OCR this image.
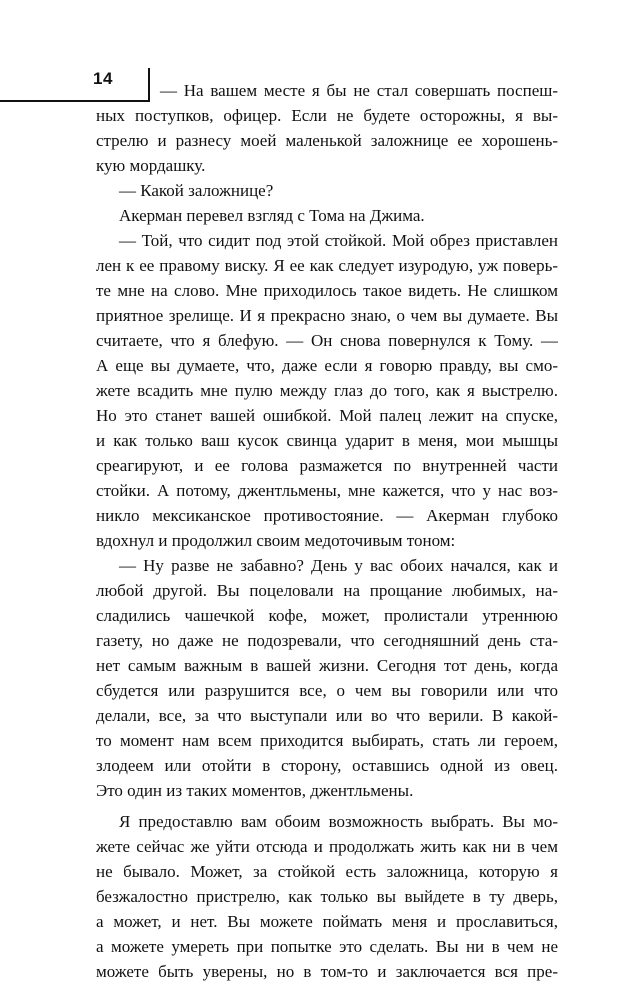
14
— На вашем месте я бы не стал совершать поспеш-
ных поступков, офицер. Если не будете осторожны, я вы-
стрелю и разнесу моей маленькой заложнице ее хорошень-
кую мордашку.
— Какой заложнице?
Акерман перевел взгляд с Тома на Джима.
— Той, что сидит под этой стойкой. Мой обрез приставлен
лен к ее правому виску. Я ее как следует изуродую, уж поверь-
те мне на слово. Мне приходилось такое видеть. Не слишком
приятное зрелище. И я прекрасно знаю, о чем вы думаете. Вы
считаете, что я блефую. — Он снова повернулся к Тому. —
А еще вы думаете, что, даже если я говорю правду, вы смо-
жете всадить мне пулю между глаз до того, как я выстрелю.
Но это станет вашей ошибкой. Мой палец лежит на спуске,
и как только ваш кусок свинца ударит в меня, мои мышцы
среагируют, и ее голова размажется по внутренней части
стойки. А потому, джентльмены, мне кажется, что у нас воз-
никло мексиканское противостояние. — Акерман глубоко
вдохнул и продолжил своим медоточивым тоном:
— Ну разве не забавно? День у вас обоих начался, как и
любой другой. Вы поцеловали на прощание любимых, на-
сладились чашечкой кофе, может, пролистали утреннюю
газету, но даже не подозревали, что сегодняшний день ста-
нет самым важным в вашей жизни. Сегодня тот день, когда
сбудется или разрушится все, о чем вы говорили или что
делали, все, за что выступали или во что верили. В какой-
то момент нам всем приходится выбирать, стать ли героем,
злодеем или отойти в сторону, оставшись одной из овец.
Это один из таких моментов, джентльмены.
Я предоставлю вам обоим возможность выбрать. Вы мо-
жете сейчас же уйти отсюда и продолжать жить как ни в чем
не бывало. Может, за стойкой есть заложница, которую я
безжалостно пристрелю, как только вы выйдете в ту дверь,
а может, и нет. Вы можете поймать меня и прославиться,
а можете умереть при попытке это сделать. Вы ни в чем не
можете быть уверены, но в том-то и заключается вся пре-
